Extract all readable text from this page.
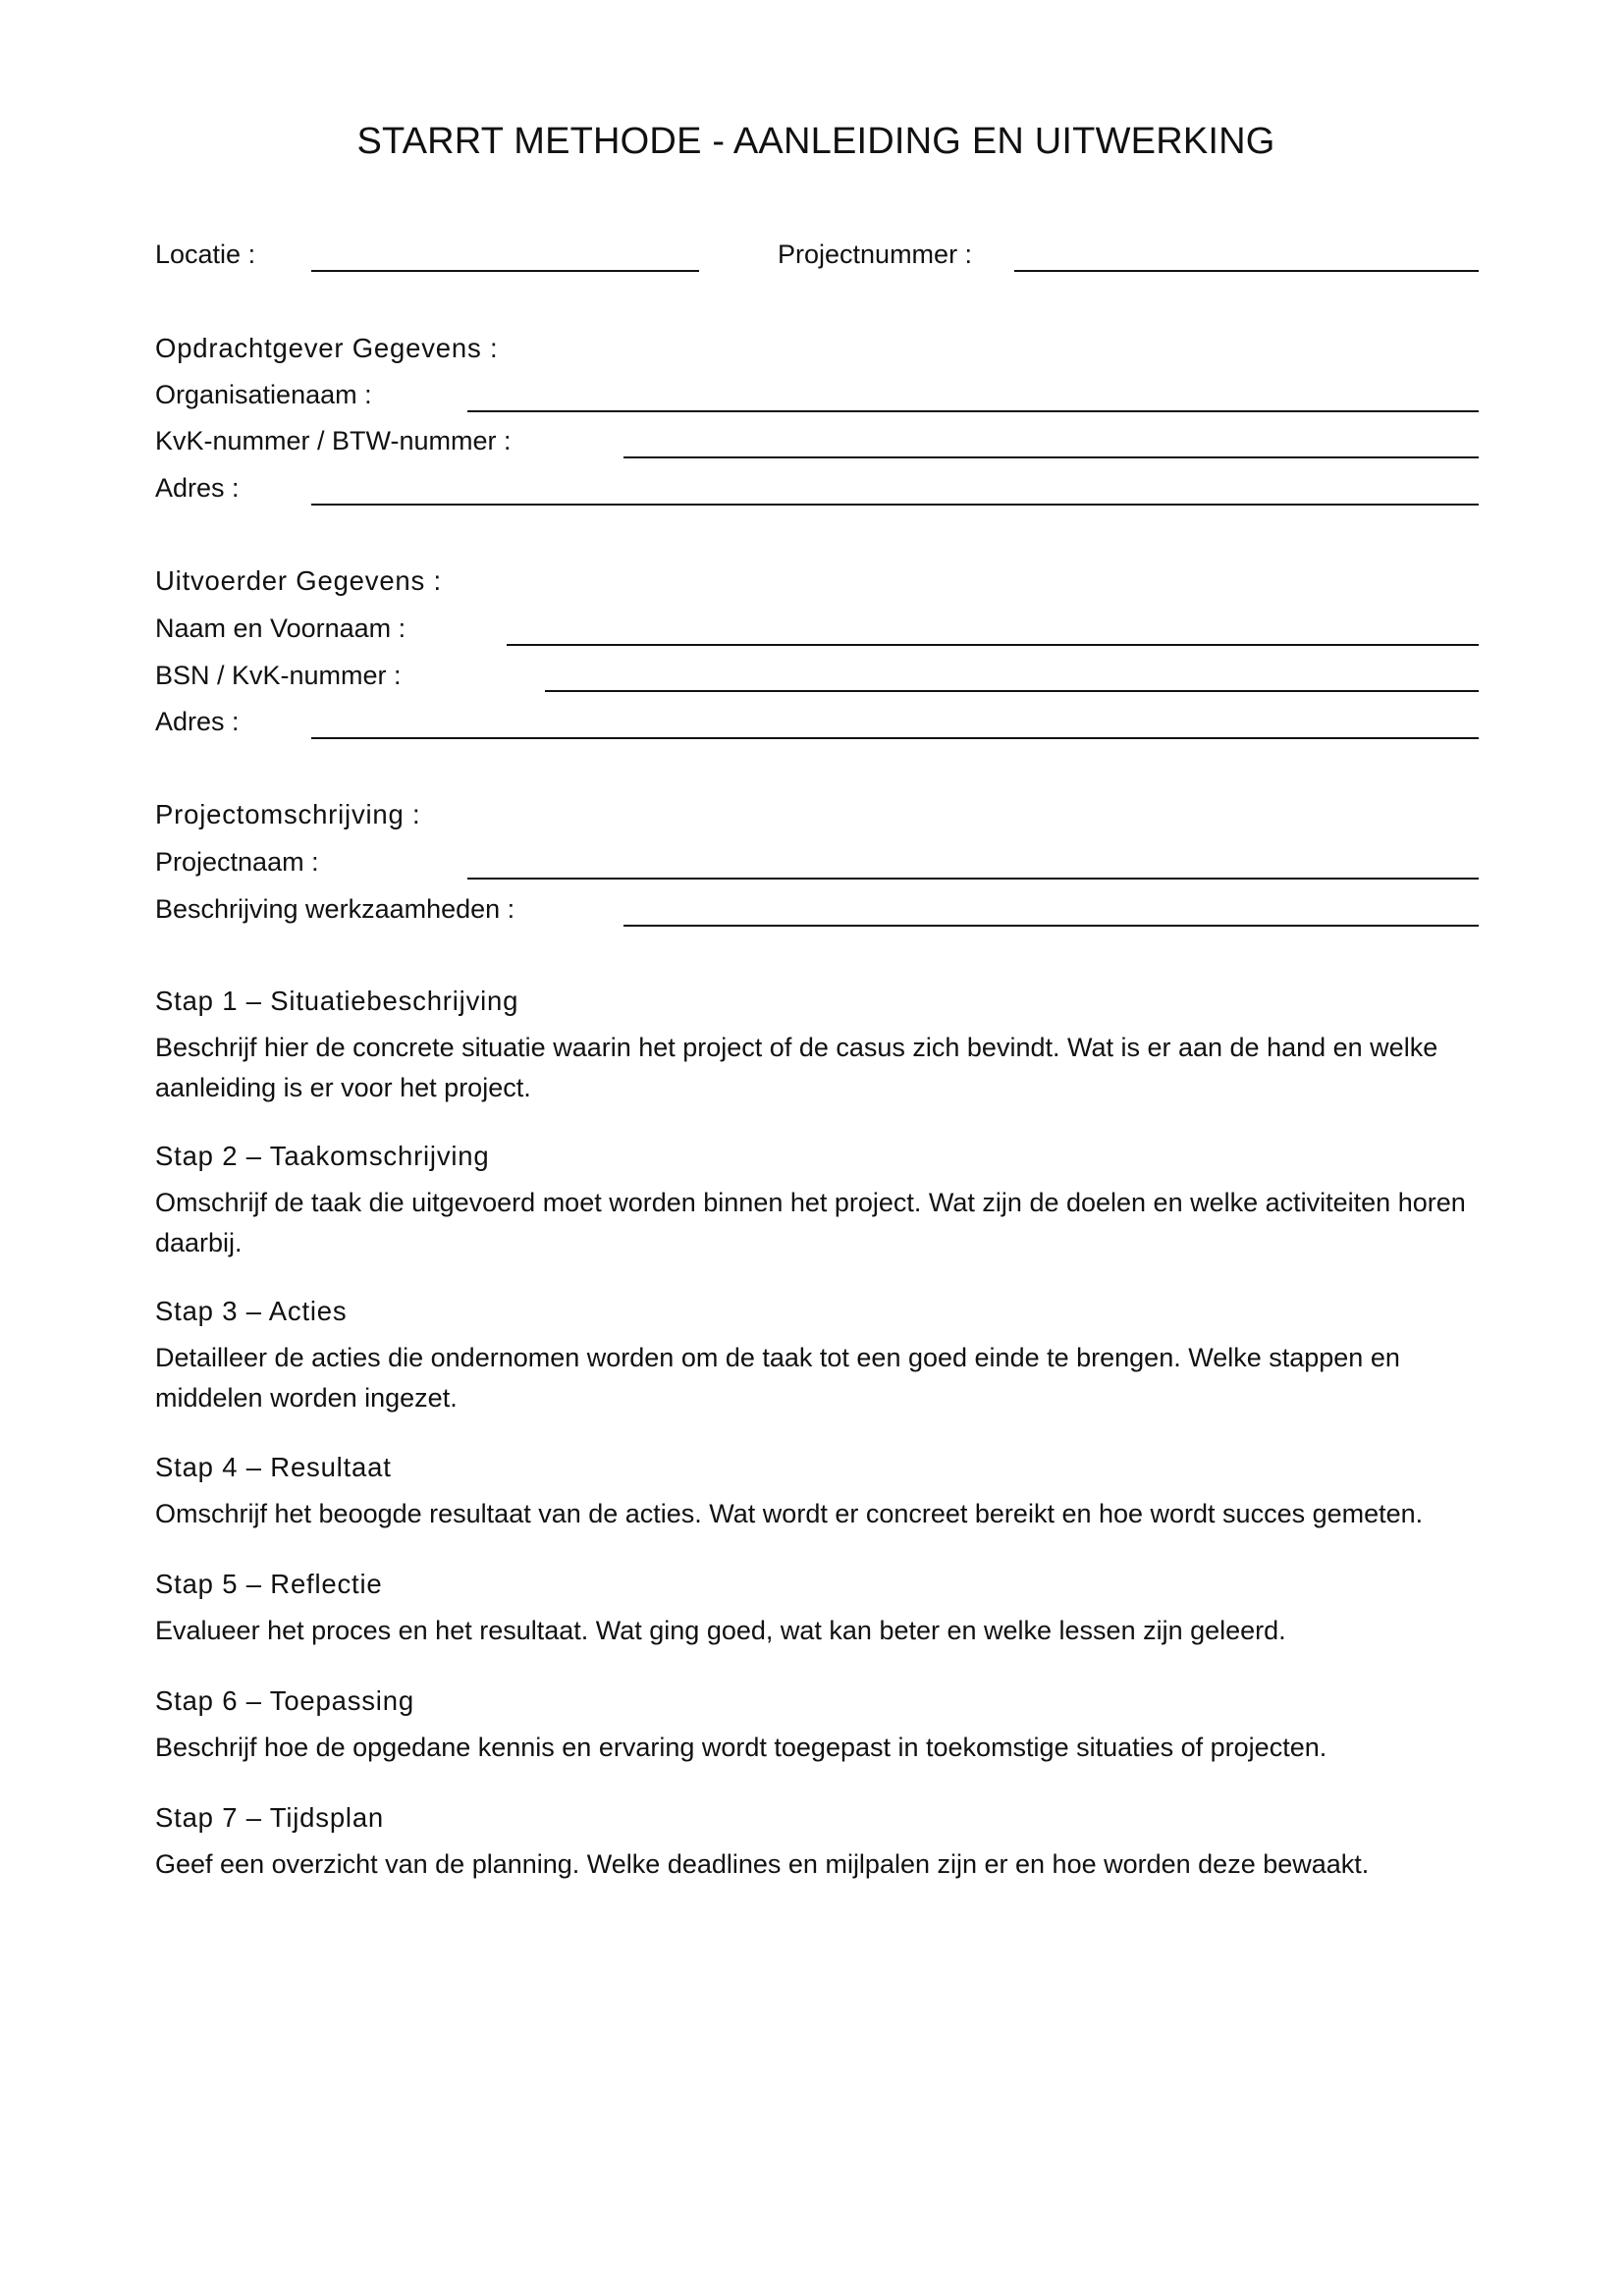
STARRT METHODE - AANLEIDING EN UITWERKING
Locatie :	Projectnummer :
Opdrachtgever Gegevens :
Organisatienaam :
KvK-nummer / BTW-nummer :
Adres :
Uitvoerder Gegevens :
Naam en Voornaam :
BSN / KvK-nummer :
Adres :
Projectomschrijving :
Projectnaam :
Beschrijving werkzaamheden :
Stap 1 – Situatiebeschrijving
Beschrijf hier de concrete situatie waarin het project of de casus zich bevindt. Wat is er aan de hand en welke aanleiding is er voor het project.
Stap 2 – Taakomschrijving
Omschrijf de taak die uitgevoerd moet worden binnen het project. Wat zijn de doelen en welke activiteiten horen daarbij.
Stap 3 – Acties
Detailleer de acties die ondernomen worden om de taak tot een goed einde te brengen. Welke stappen en middelen worden ingezet.
Stap 4 – Resultaat
Omschrijf het beoogde resultaat van de acties. Wat wordt er concreet bereikt en hoe wordt succes gemeten.
Stap 5 – Reflectie
Evalueer het proces en het resultaat. Wat ging goed, wat kan beter en welke lessen zijn geleerd.
Stap 6 – Toepassing
Beschrijf hoe de opgedane kennis en ervaring wordt toegepast in toekomstige situaties of projecten.
Stap 7 – Tijdsplan
Geef een overzicht van de planning. Welke deadlines en mijlpalen zijn er en hoe worden deze bewaakt.
